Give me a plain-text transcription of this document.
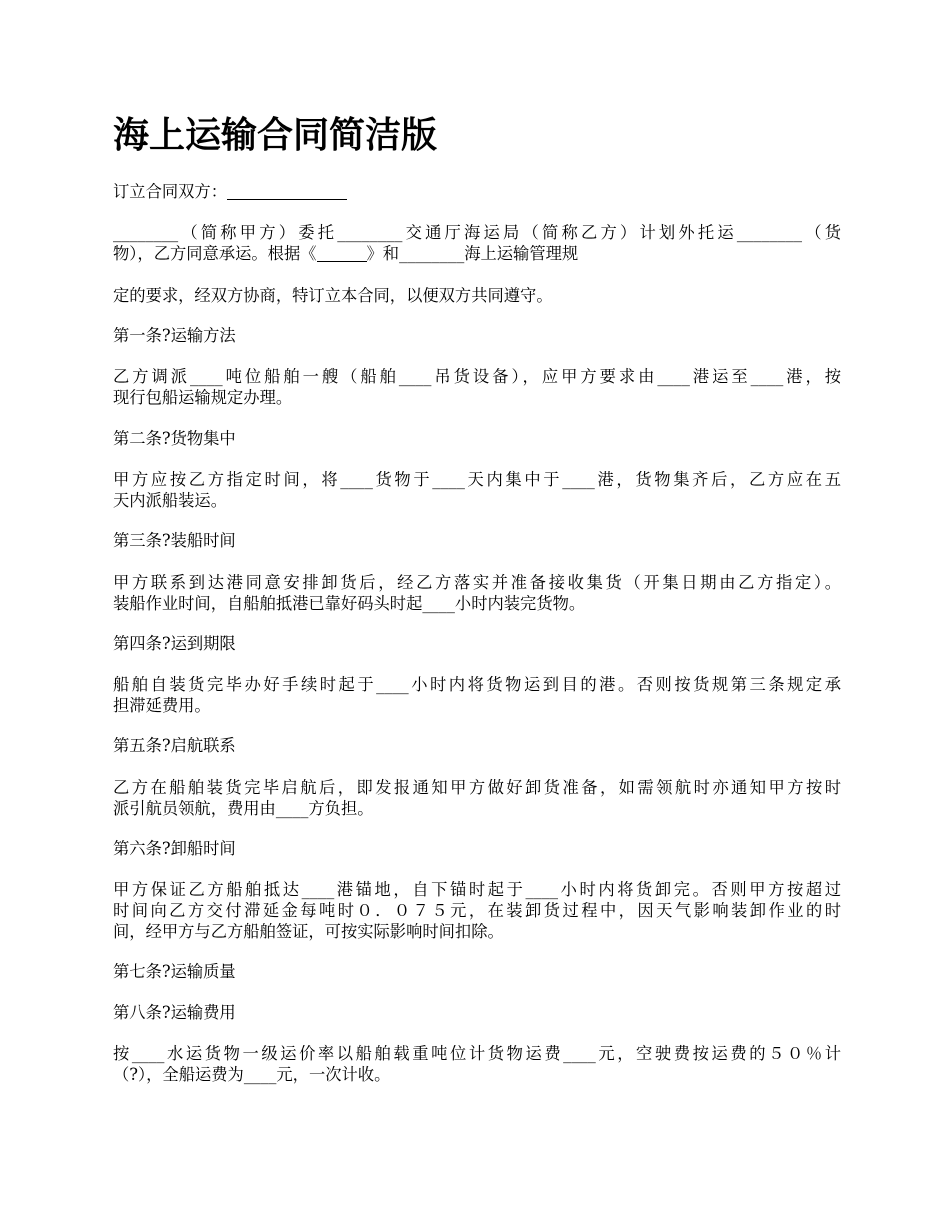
海上运输合同简洁版
订立合同双方：
________（简称甲方）委托________交通厅海运局（简称乙方）计划外托运________（货
物），乙方同意承运。根据《	》和________海上运输管理规
定的要求，经双方协商，特订立本合同，以便双方共同遵守。
第一条?运输方法
乙方调派____吨位船舶一艘（船舶____吊货设备），应甲方要求由____港运至____港，按
现行包船运输规定办理。
第二条?货物集中
甲方应按乙方指定时间，将____货物于____天内集中于____港，货物集齐后，乙方应在五
天内派船装运。
第三条?装船时间
甲方联系到达港同意安排卸货后，经乙方落实并准备接收集货（开集日期由乙方指定）。
装船作业时间，自船舶抵港已靠好码头时起____小时内装完货物。
第四条?运到期限
船舶自装货完毕办好手续时起于____小时内将货物运到目的港。否则按货规第三条规定承
担滞延费用。
第五条?启航联系
乙方在船舶装货完毕启航后，即发报通知甲方做好卸货准备，如需领航时亦通知甲方按时
派引航员领航，费用由____方负担。
第六条?卸船时间
甲方保证乙方船舶抵达____港锚地，自下锚时起于____小时内将货卸完。否则甲方按超过
时间向乙方交付滞延金每吨时０．０７５元，在装卸货过程中，因天气影响装卸作业的时
间，经甲方与乙方船舶签证，可按实际影响时间扣除。
第七条?运输质量
第八条?运输费用
按____水运货物一级运价率以船舶载重吨位计货物运费____元，空驶费按运费的５０％计
（?），全船运费为____元，一次计收。
